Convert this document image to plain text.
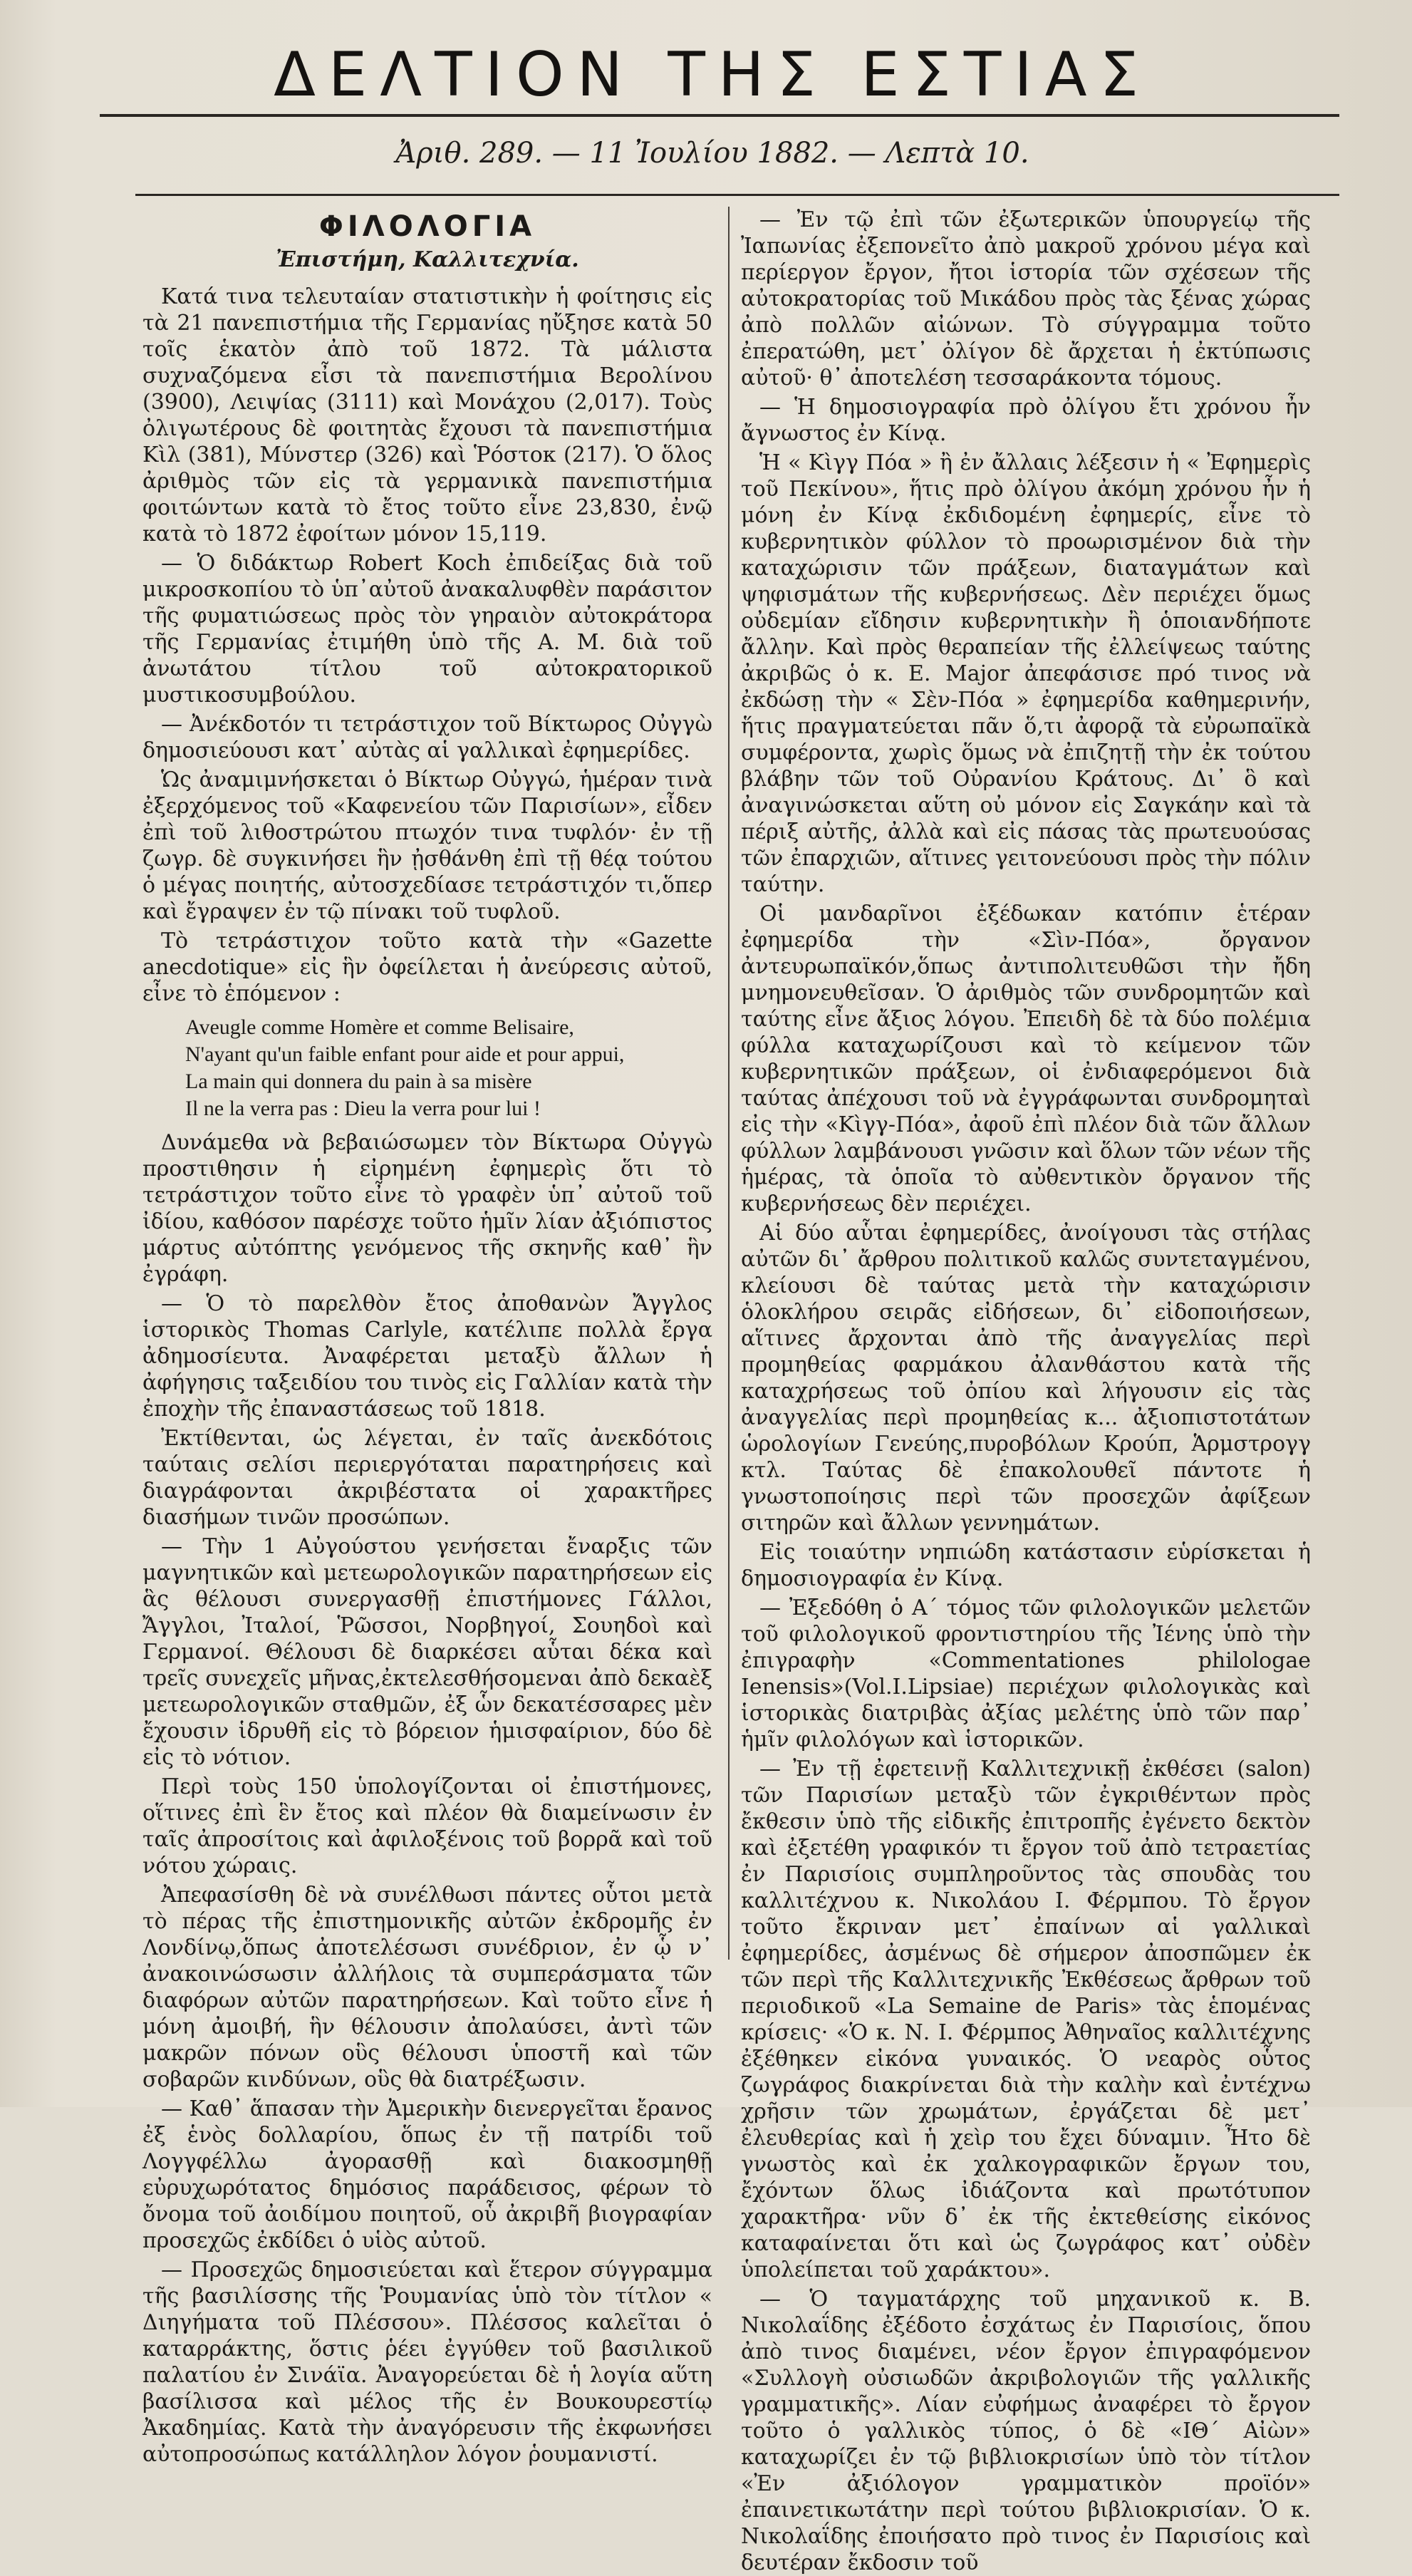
ΔΕΛΤΙΟΝ ΤΗΣ ΕΣΤΙΑΣ
Ἀριθ. 289. — 11 Ἰουλίου 1882. — Λεπτὰ 10.
ΦΙΛΟΛΟΓΙΑ
Ἐπιστήμη, Καλλιτεχνία.

Κατά τινα τελευταίαν στατιστικὴν ἡ φοίτησις εἰς τὰ 21 πανεπιστήμια τῆς Γερμανίας ηὔξησε κατὰ 50 τοῖς ἑκατὸν ἀπὸ τοῦ 1872. Τὰ μάλιστα συχναζόμενα εἶσι τὰ πανεπιστήμια Βερολίνου (3900), Λειψίας (3111) καὶ Μονάχου (2,017). Τοὺς ὀλιγωτέρους δὲ φοιτητὰς ἔχουσι τὰ πανεπιστήμια Κὶλ (381), Μύνστερ (326) καὶ Ῥόστοκ (217). Ὁ ὅλος ἀριθμὸς τῶν εἰς τὰ γερμανικὰ πανεπιστήμια φοιτώντων κατὰ τὸ ἔτος τοῦτο εἶνε 23,830, ἐνῷ κατὰ τὸ 1872 ἐφοίτων μόνον 15,119.

— Ὁ διδάκτωρ Robert Koch ἐπιδείξας διὰ τοῦ μικροσκοπίου τὸ ὑπ᾽αὐτοῦ ἀνακαλυφθὲν παράσιτον τῆς φυματιώσεως πρὸς τὸν γηραιὸν αὐτοκράτορα τῆς Γερμανίας ἐτιμήθη ὑπὸ τῆς Α. Μ. διὰ τοῦ ἀνωτάτου τίτλου τοῦ αὐτοκρατορικοῦ μυστικοσυμβούλου.

— Ἀνέκδοτόν τι τετράστιχον τοῦ Βίκτωρος Οὐγγὼ δημοσιεύουσι κατ᾽ αὐτὰς αἱ γαλλικαὶ ἐφημερίδες.

Ὡς ἀναμιμνήσκεται ὁ Βίκτωρ Οὐγγώ, ἡμέραν τινὰ ἐξερχόμενος τοῦ «Καφενείου τῶν Παρισίων», εἶδεν ἐπὶ τοῦ λιθοστρώτου πτωχόν τινα τυφλόν· ἐν τῇ ζωγρ. δὲ συγκινήσει ἣν ᾐσθάνθη ἐπὶ τῇ θέᾳ τούτου ὁ μέγας ποιητής, αὐτοσχεδίασε τετράστιχόν τι,ὅπερ καὶ ἔγραψεν ἐν τῷ πίνακι τοῦ τυφλοῦ.

Τὸ τετράστιχον τοῦτο κατὰ τὴν «Gazette anecdotique» εἰς ἣν ὀφείλεται ἡ ἀνεύρεσις αὐτοῦ, εἶνε τὸ ἑπόμενον :

Aveugle comme Homère et comme Belisaire,
N'ayant qu'un faible enfant pour aide et pour appui,
La main qui donnera du pain à sa misère
Il ne la verra pas : Dieu la verra pour lui !

Δυνάμεθα νὰ βεβαιώσωμεν τὸν Βίκτωρα Οὐγγὼ προστιθησιν ἡ εἰρημένη ἐφημερὶς ὅτι τὸ τετράστιχον τοῦτο εἶνε τὸ γραφὲν ὑπ᾽ αὐτοῦ τοῦ ἰδίου, καθόσον παρέσχε τοῦτο ἡμῖν λίαν ἀξιόπιστος μάρτυς αὐτόπτης γενόμενος τῆς σκηνῆς καθ᾽ ἣν ἐγράφη.

— Ὁ τὸ παρελθὸν ἔτος ἀποθανὼν Ἄγγλος ἱστορικὸς Thomas Carlyle, κατέλιπε πολλὰ ἔργα ἀδημοσίευτα. Ἀναφέρεται μεταξὺ ἄλλων ἡ ἀφήγησις ταξειδίου του τινὸς εἰς Γαλλίαν κατὰ τὴν ἐποχὴν τῆς ἐπαναστάσεως τοῦ 1818.

Ἐκτίθενται, ὡς λέγεται, ἐν ταῖς ἀνεκδότοις ταύταις σελίσι περιεργόταται παρατηρήσεις καὶ διαγράφονται ἀκριβέστατα οἱ χαρακτῆρες διασήμων τινῶν προσώπων.

— Τὴν 1 Αὐγούστου γενήσεται ἔναρξις τῶν μαγνητικῶν καὶ μετεωρολογικῶν παρατηρήσεων εἰς ἃς θέλουσι συνεργασθῇ ἐπιστήμονες Γάλλοι, Ἄγγλοι, Ἰταλοί, Ῥῶσσοι, Νορβηγοί, Σουηδοὶ καὶ Γερμανοί. Θέλουσι δὲ διαρκέσει αὗται δέκα καὶ τρεῖς συνεχεῖς μῆνας,ἐκτελεσθήσομεναι ἀπὸ δεκαὲξ μετεωρολογικῶν σταθμῶν, ἐξ ὧν δεκατέσσαρες μὲν ἔχουσιν ἱδρυθῆ εἰς τὸ βόρειον ἡμισφαίριον, δύο δὲ εἰς τὸ νότιον.

Περὶ τοὺς 150 ὑπολογίζονται οἱ ἐπιστήμονες, οἵτινες ἐπὶ ἓν ἔτος καὶ πλέον θὰ διαμείνωσιν ἐν ταῖς ἀπροσίτοις καὶ ἀφιλοξένοις τοῦ βορρᾶ καὶ τοῦ νότου χώραις.

Ἀπεφασίσθη δὲ νὰ συνέλθωσι πάντες οὗτοι μετὰ τὸ πέρας τῆς ἐπιστημονικῆς αὐτῶν ἐκδρομῆς ἐν Λονδίνῳ,ὅπως ἀποτελέσωσι συνέδριον, ἐν ᾧ ν᾽ ἀνακοινώσωσιν ἀλλήλοις τὰ συμπεράσματα τῶν διαφόρων αὐτῶν παρατηρήσεων. Καὶ τοῦτο εἶνε ἡ μόνη ἀμοιβή, ἣν θέλουσιν ἀπολαύσει, ἀντὶ τῶν μακρῶν πόνων οὓς θέλουσι ὑποστῆ καὶ τῶν σοβαρῶν κινδύνων, οὓς θὰ διατρέξωσιν.

— Καθ᾽ ἅπασαν τὴν Ἀμερικὴν διενεργεῖται ἔρανος ἐξ ἑνὸς δολλαρίου, ὅπως ἐν τῇ πατρίδι τοῦ Λογγφέλλω ἀγορασθῇ καὶ διακοσμηθῇ εὐρυχωρότατος δημόσιος παράδεισος, φέρων τὸ ὄνομα τοῦ ἀοιδίμου ποιητοῦ, οὗ ἀκριβῆ βιογραφίαν προσεχῶς ἐκδίδει ὁ υἱὸς αὐτοῦ.

— Προσεχῶς δημοσιεύεται καὶ ἕτερον σύγγραμμα τῆς βασιλίσσης τῆς Ῥουμανίας ὑπὸ τὸν τίτλον « Διηγήματα τοῦ Πλέσσου». Πλέσσος καλεῖται ὁ καταρράκτης, ὅστις ῥέει ἐγγύθεν τοῦ βασιλικοῦ παλατίου ἐν Σινάϊα. Ἀναγορεύεται δὲ ἡ λογία αὕτη βασίλισσα καὶ μέλος τῆς ἐν Βουκουρεστίῳ Ἀκαδημίας. Κατὰ τὴν ἀναγόρευσιν τῆς ἐκφωνήσει αὐτοπροσώπως κατάλληλον λόγον ῥουμανιστί.

— Ἐν τῷ ἐπὶ τῶν ἐξωτερικῶν ὑπουργείῳ τῆς Ἰαπωνίας ἐξεπονεῖτο ἀπὸ μακροῦ χρόνου μέγα καὶ περίεργον ἔργον, ἤτοι ἱστορία τῶν σχέσεων τῆς αὐτοκρατορίας τοῦ Μικάδου πρὸς τὰς ξένας χώρας ἀπὸ πολλῶν αἰώνων. Τὸ σύγγραμμα τοῦτο ἐπερατώθη, μετ᾽ ὀλίγον δὲ ἄρχεται ἡ ἐκτύπωσις αὐτοῦ· θ᾽ ἀποτελέση τεσσαράκοντα τόμους.

— Ἡ δημοσιογραφία πρὸ ὀλίγου ἔτι χρόνου ἦν ἄγνωστος ἐν Κίνᾳ.

Ἡ « Κὶγγ Πόα » ἢ ἐν ἄλλαις λέξεσιν ἡ « Ἐφημερὶς τοῦ Πεκίνου», ἥτις πρὸ ὀλίγου ἀκόμη χρόνου ἦν ἡ μόνη ἐν Κίνᾳ ἐκδιδομένη ἐφημερίς, εἶνε τὸ κυβερνητικὸν φύλλον τὸ προωρισμένον διὰ τὴν καταχώρισιν τῶν πράξεων, διαταγμάτων καὶ ψηφισμάτων τῆς κυβερνήσεως. Δὲν περιέχει ὅμως οὐδεμίαν εἴδησιν κυβερνητικὴν ἢ ὁποιανδήποτε ἄλλην. Καὶ πρὸς θεραπείαν τῆς ἐλλείψεως ταύτης ἀκριβῶς ὁ κ. Ε. Major ἀπεφάσισε πρό τινος νὰ ἐκδώσῃ τὴν « Σὲν-Πόα » ἐφημερίδα καθημερινήν, ἥτις πραγματεύεται πᾶν ὅ,τι ἀφορᾷ τὰ εὐρωπαϊκὰ συμφέροντα, χωρὶς ὅμως νὰ ἐπιζητῇ τὴν ἐκ τούτου βλάβην τῶν τοῦ Οὐρανίου Κράτους. Δι᾽ ὃ καὶ ἀναγινώσκεται αὕτη οὐ μόνον εἰς Σαγκάην καὶ τὰ πέριξ αὐτῆς, ἀλλὰ καὶ εἰς πάσας τὰς πρωτευούσας τῶν ἐπαρχιῶν, αἵτινες γειτονεύουσι πρὸς τὴν πόλιν ταύτην.

Οἱ μανδαρῖνοι ἐξέδωκαν κατόπιν ἑτέραν ἐφημερίδα τὴν «Σὶν-Πόα», ὄργανον ἀντευρωπαϊκόν,ὅπως ἀντιπολιτευθῶσι τὴν ἤδη μνημονευθεῖσαν. Ὁ ἀριθμὸς τῶν συνδρομητῶν καὶ ταύτης εἶνε ἄξιος λόγου. Ἐπειδὴ δὲ τὰ δύο πολέμια φύλλα καταχωρίζουσι καὶ τὸ κείμενον τῶν κυβερνητικῶν πράξεων, οἱ ἐνδιαφερόμενοι διὰ ταύτας ἀπέχουσι τοῦ νὰ ἐγγράφωνται συνδρομηταὶ εἰς τὴν «Κὶγγ-Πόα», ἀφοῦ ἐπὶ πλέον διὰ τῶν ἄλλων φύλλων λαμβάνουσι γνῶσιν καὶ ὅλων τῶν νέων τῆς ἡμέρας, τὰ ὁποῖα τὸ αὐθεντικὸν ὄργανον τῆς κυβερνήσεως δὲν περιέχει.

Αἱ δύο αὗται ἐφημερίδες, ἀνοίγουσι τὰς στήλας αὐτῶν δι᾽ ἄρθρου πολιτικοῦ καλῶς συντεταγμένου, κλείουσι δὲ ταύτας μετὰ τὴν καταχώρισιν ὁλοκλήρου σειρᾶς εἰδήσεων, δι᾽ εἰδοποιήσεων, αἵτινες ἄρχονται ἀπὸ τῆς ἀναγγελίας περὶ προμηθείας φαρμάκου ἀλανθάστου κατὰ τῆς καταχρήσεως τοῦ ὀπίου καὶ λήγουσιν εἰς τὰς ἀναγγελίας περὶ προμηθείας κ... ἀξιοπιστοτάτων ὡρολογίων Γενεύης,πυροβόλων Κρούπ, Ἁρμστρογγ κτλ. Ταύτας δὲ ἐπακολουθεῖ πάντοτε ἡ γνωστοποίησις περὶ τῶν προσεχῶν ἀφίξεων σιτηρῶν καὶ ἄλλων γεννημάτων.

Εἰς τοιαύτην νηπιώδη κατάστασιν εὑρίσκεται ἡ δημοσιογραφία ἐν Κίνᾳ.

— Ἐξεδόθη ὁ Α´ τόμος τῶν φιλολογικῶν μελετῶν τοῦ φιλολογικοῦ φροντιστηρίου τῆς Ἰένης ὑπὸ τὴν ἐπιγραφὴν «Commentationes philologae Ienensis»(Vol.I.Lipsiae) περιέχων φιλολογικὰς καὶ ἱστορικὰς διατριβὰς ἀξίας μελέτης ὑπὸ τῶν παρ᾽ ἡμῖν φιλολόγων καὶ ἱστορικῶν.

— Ἐν τῇ ἐφετεινῇ Καλλιτεχνικῇ ἐκθέσει (salon) τῶν Παρισίων μεταξὺ τῶν ἐγκριθέντων πρὸς ἔκθεσιν ὑπὸ τῆς εἰδικῆς ἐπιτροπῆς ἐγένετο δεκτὸν καὶ ἐξετέθη γραφικόν τι ἔργον τοῦ ἀπὸ τετραετίας ἐν Παρισίοις συμπληροῦντος τὰς σπουδὰς του καλλιτέχνου κ. Νικολάου Ι. Φέρμπου. Τὸ ἔργον τοῦτο ἔκριναν μετ᾽ ἐπαίνων αἱ γαλλικαὶ ἐφημερίδες, ἀσμένως δὲ σήμερον ἀποσπῶμεν ἐκ τῶν περὶ τῆς Καλλιτεχνικῆς Ἐκθέσεως ἄρθρων τοῦ περιοδικοῦ «La Semaine de Paris» τὰς ἑπομένας κρίσεις· «Ὁ κ. Ν. Ι. Φέρμπος Ἀθηναῖος καλλιτέχνης ἐξέθηκεν εἰκόνα γυναικός. Ὁ νεαρὸς οὗτος ζωγράφος διακρίνεται διὰ τὴν καλὴν καὶ ἐντέχνω χρῆσιν τῶν χρωμάτων, ἐργάζεται δὲ μετ᾽ ἐλευθερίας καὶ ἡ χεὶρ του ἔχει δύναμιν. Ἦτο δὲ γνωστὸς καὶ ἐκ χαλκογραφικῶν ἔργων του, ἔχόντων ὅλως ἰδιάζοντα καὶ πρωτότυπον χαρακτῆρα· νῦν δ᾽ ἐκ τῆς ἐκτεθείσης εἰκόνος καταφαίνεται ὅτι καὶ ὡς ζωγράφος κατ᾽ οὐδὲν ὑπολείπεται τοῦ χαράκτου».

— Ὁ ταγματάρχης τοῦ μηχανικοῦ κ. Β. Νικολαΐδης ἐξέδοτο ἐσχάτως ἐν Παρισίοις, ὅπου ἀπὸ τινος διαμένει, νέον ἔργον ἐπιγραφόμενον «Συλλογὴ οὐσιωδῶν ἀκριβολογιῶν τῆς γαλλικῆς γραμματικῆς». Λίαν εὐφήμως ἀναφέρει τὸ ἔργον τοῦτο ὁ γαλλικὸς τύπος, ὁ δὲ «ΙΘ´ Αἰὼν» καταχωρίζει ἐν τῷ βιβλιοκρισίων ὑπὸ τὸν τίτλον «Ἐν ἀξιόλογον γραμματικὸν προϊόν» ἐπαινετικωτάτην περὶ τούτου βιβλιοκρισίαν. Ὁ κ. Νικολαΐδης ἐποιήσατο πρὸ τινος ἐν Παρισίοις καὶ δευτέραν ἔκδοσιν τοῦ
